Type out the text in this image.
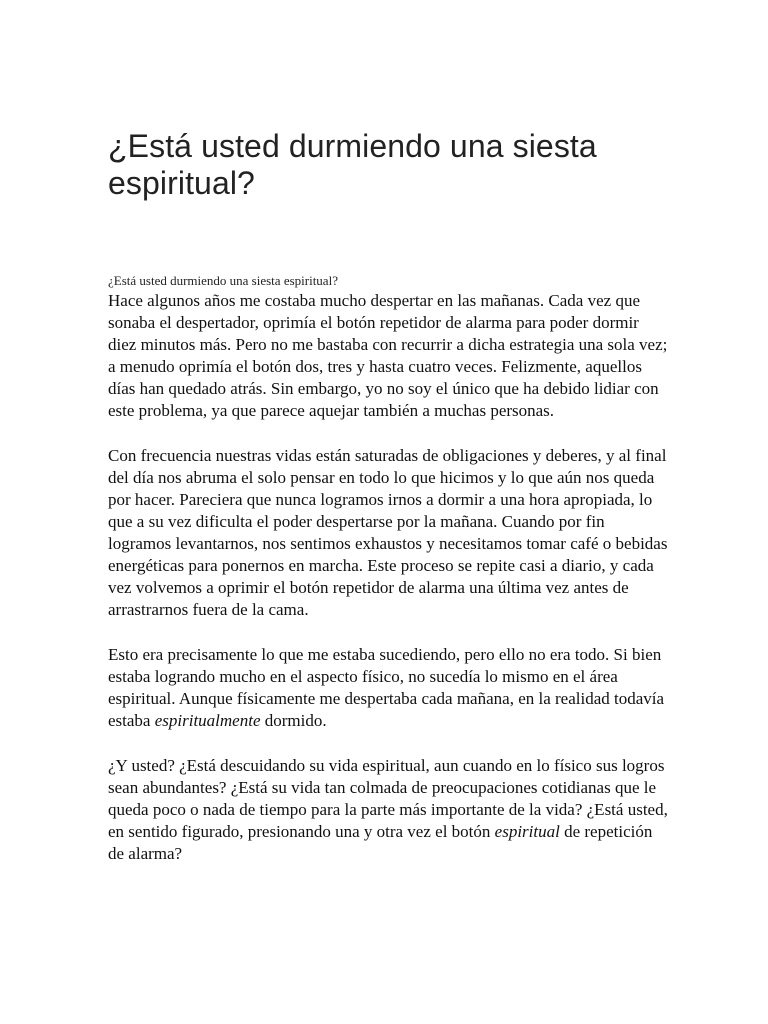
¿Está usted durmiendo una siesta espiritual?

¿Está usted durmiendo una siesta espiritual?

Hace algunos años me costaba mucho despertar en las mañanas. Cada vez que sonaba el despertador, oprimía el botón repetidor de alarma para poder dormir diez minutos más. Pero no me bastaba con recurrir a dicha estrategia una sola vez; a menudo oprimía el botón dos, tres y hasta cuatro veces. Felizmente, aquellos días han quedado atrás. Sin embargo, yo no soy el único que ha debido lidiar con este problema, ya que parece aquejar también a muchas personas.

Con frecuencia nuestras vidas están saturadas de obligaciones y deberes, y al final del día nos abruma el solo pensar en todo lo que hicimos y lo que aún nos queda por hacer. Pareciera que nunca logramos irnos a dormir a una hora apropiada, lo que a su vez dificulta el poder despertarse por la mañana. Cuando por fin logramos levantarnos, nos sentimos exhaustos y necesitamos tomar café o bebidas energéticas para ponernos en marcha. Este proceso se repite casi a diario, y cada vez volvemos a oprimir el botón repetidor de alarma una última vez antes de arrastrarnos fuera de la cama.

Esto era precisamente lo que me estaba sucediendo, pero ello no era todo. Si bien estaba logrando mucho en el aspecto físico, no sucedía lo mismo en el área espiritual. Aunque físicamente me despertaba cada mañana, en la realidad todavía estaba espiritualmente dormido.

¿Y usted? ¿Está descuidando su vida espiritual, aun cuando en lo físico sus logros sean abundantes? ¿Está su vida tan colmada de preocupaciones cotidianas que le queda poco o nada de tiempo para la parte más importante de la vida? ¿Está usted, en sentido figurado, presionando una y otra vez el botón espiritual de repetición de alarma?
